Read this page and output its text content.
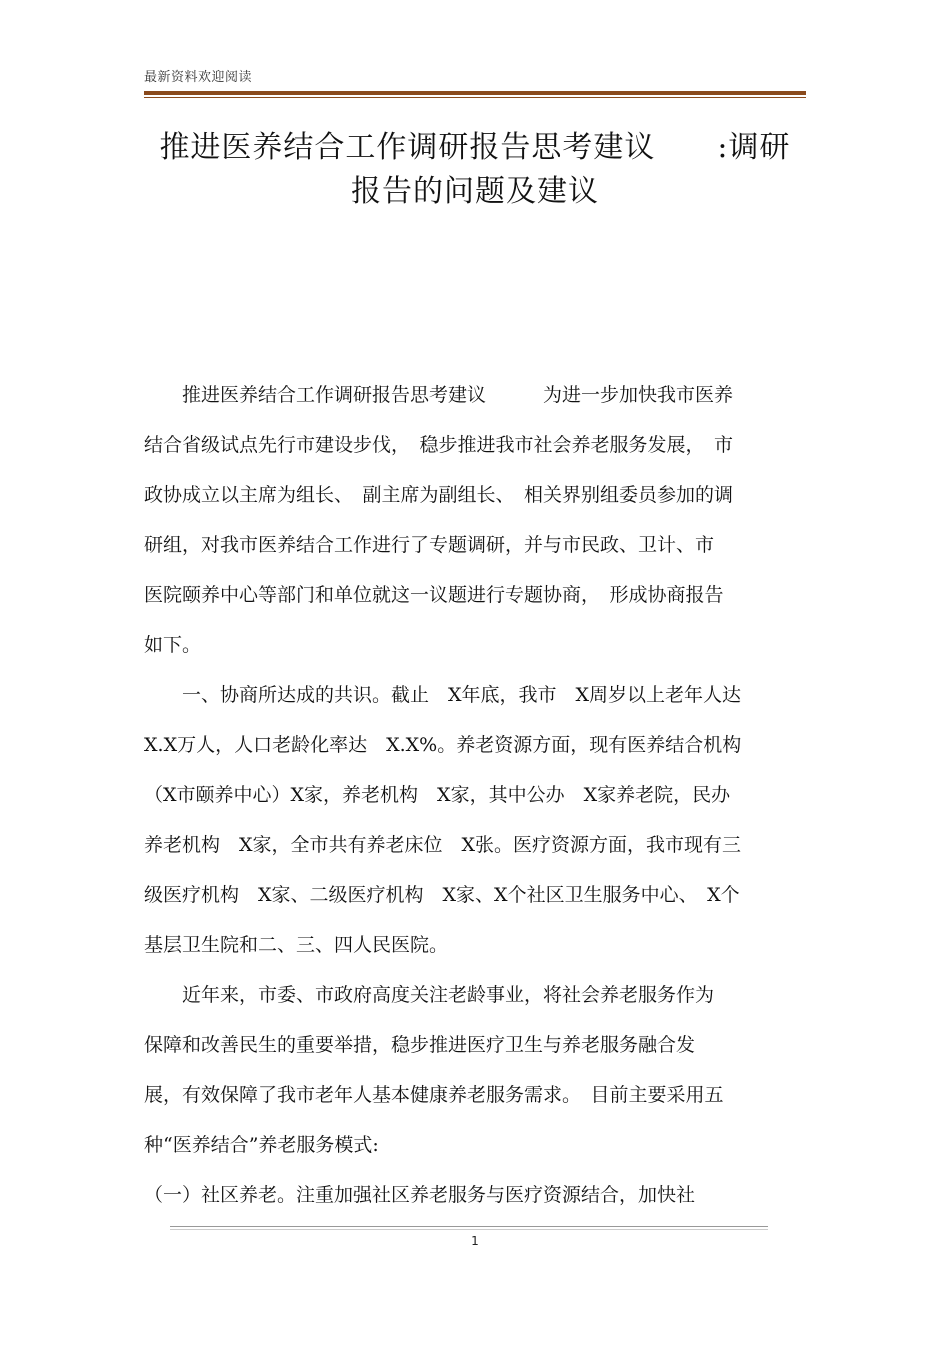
最新资料欢迎阅读
推进医养结合工作调研报告思考建议　　:调研
报告的问题及建议
　　推进医养结合工作调研报告思考建议　　　为进一步加快我市医养
结合省级试点先行市建设步伐，　稳步推进我市社会养老服务发展，　市
政协成立以主席为组长、　副主席为副组长、　相关界别组委员参加的调
研组，对我市医养结合工作进行了专题调研，并与市民政、卫计、市
医院颐养中心等部门和单位就这一议题进行专题协商，　形成协商报告
如下。
　　一、协商所达成的共识。截止　X年底，我市　X周岁以上老年人达
X.X万人，人口老龄化率达　X.X%。养老资源方面，现有医养结合机构
（X市颐养中心）X家，养老机构　X家，其中公办　X家养老院，民办
养老机构　X家，全市共有养老床位　X张。医疗资源方面，我市现有三
级医疗机构　X家、二级医疗机构　X家、X个社区卫生服务中心、　X个
基层卫生院和二、三、四人民医院。
　　近年来，市委、市政府高度关注老龄事业，将社会养老服务作为
保障和改善民生的重要举措，稳步推进医疗卫生与养老服务融合发
展，有效保障了我市老年人基本健康养老服务需求。　目前主要采用五
种“医养结合”养老服务模式:
（一）社区养老。注重加强社区养老服务与医疗资源结合，加快社
1
